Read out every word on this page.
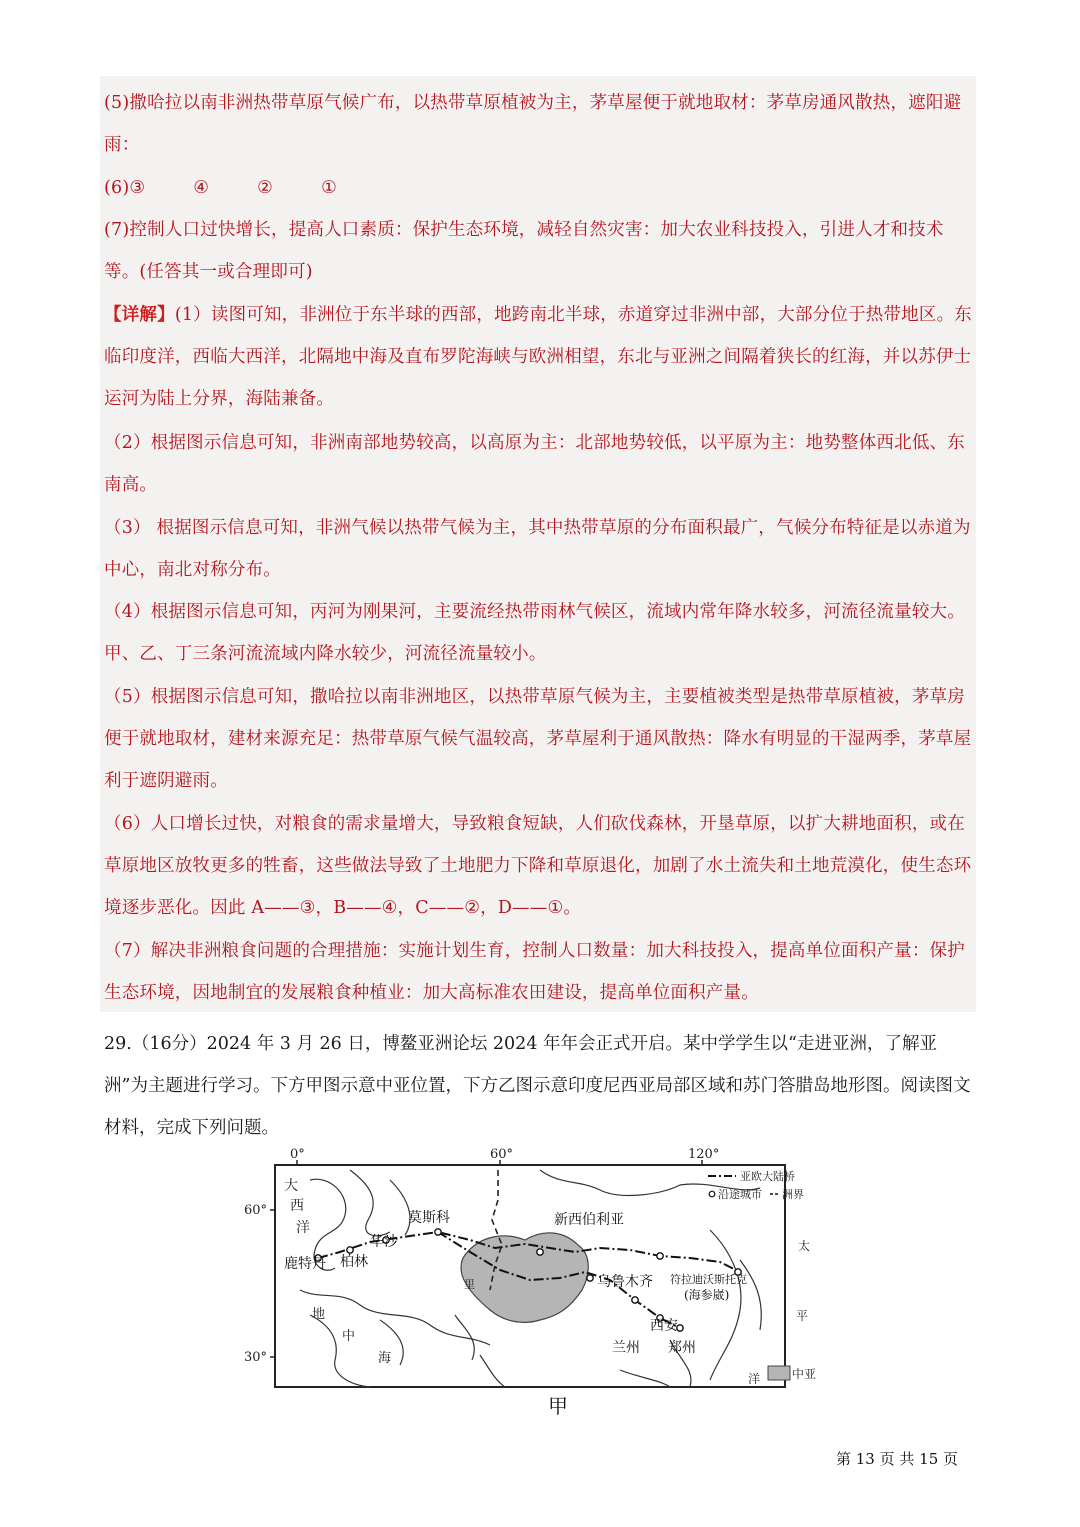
(5)撒哈拉以南非洲热带草原气候广布，以热带草原植被为主，茅草屋便于就地取材：茅草房通风散热，遮阳避雨：

(6)③	④	②	①

(7)控制人口过快增长，提高人口素质：保护生态环境，减轻自然灾害：加大农业科技投入，引进人才和技术等。(任答其一或合理即可)

【详解】(1）读图可知，非洲位于东半球的西部，地跨南北半球，赤道穿过非洲中部，大部分位于热带地区。东临印度洋，西临大西洋，北隔地中海及直布罗陀海峡与欧洲相望，东北与亚洲之间隔着狭长的红海，并以苏伊士运河为陆上分界，海陆兼备。

（2）根据图示信息可知，非洲南部地势较高，以高原为主：北部地势较低，以平原为主：地势整体西北低、东南高。

（3） 根据图示信息可知，非洲气候以热带气候为主，其中热带草原的分布面积最广，气候分布特征是以赤道为中心，南北对称分布。

（4）根据图示信息可知，丙河为刚果河，主要流经热带雨林气候区，流域内常年降水较多，河流径流量较大。甲、乙、丁三条河流流域内降水较少，河流径流量较小。

（5）根据图示信息可知，撒哈拉以南非洲地区，以热带草原气候为主，主要植被类型是热带草原植被，茅草房便于就地取材，建材来源充足：热带草原气候气温较高，茅草屋利于通风散热：降水有明显的干湿两季，茅草屋利于遮阴避雨。

（6）人口增长过快，对粮食的需求量增大，导致粮食短缺，人们砍伐森林，开垦草原，以扩大耕地面积，或在草原地区放牧更多的牲畜，这些做法导致了土地肥力下降和草原退化，加剧了水土流失和土地荒漠化，使生态环境逐步恶化。因此 A——③，B——④，C——②，D——①。

（7）解决非洲粮食问题的合理措施：实施计划生育，控制人口数量：加大科技投入，提高单位面积产量：保护生态环境，因地制宜的发展粮食种植业：加大高标准农田建设，提高单位面积产量。

29.（16分）2024 年 3 月 26 日，博鳌亚洲论坛 2024 年年会正式开启。某中学学生以“走进亚洲，了解亚洲”为主题进行学习。下方甲图示意中亚位置，下方乙图示意印度尼西亚局部区域和苏门答腊岛地形图。阅读图文材料，完成下列问题。

0°	60°	120°
60°
30°
亚欧大陆桥
沿途城市 洲界
中亚
大
西
洋
太
平
洋
地
中
海
里
鹿特丹 柏林
华沙
莫斯科	新西伯利亚
乌鲁木齐 符拉迪沃斯托克
(海参崴)
西安
兰州 郑州
甲
第 13 页 共 15 页
